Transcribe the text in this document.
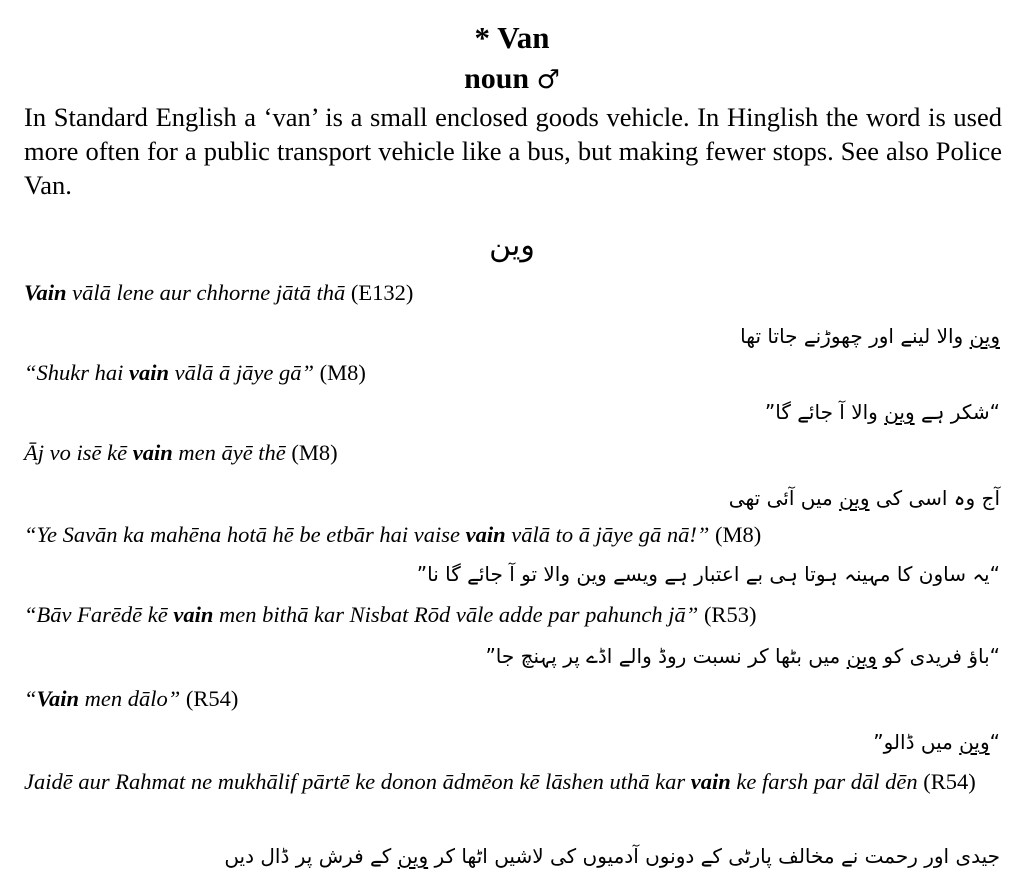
* Van
noun ♂
In Standard English a ‘van’ is a small enclosed goods vehicle. In Hinglish the word is used more often for a public transport vehicle like a bus, but making fewer stops. See also Police Van.
وین
Vain vālā lene aur chhorne jātā thā (E132)
وین والا لینے اور چھوڑنے جاتا تھا
“Shukr hai vain vālā ā jāye gā” (M8)
“شکر ہے وین والا آ جائے گا”
Āj vo isē kē vain men āyē thē (M8)
آج وہ اسی کی وین میں آئی تھی
“Ye Savān ka mahēna hotā hē be etbār hai vaise vain vālā to ā jāye gā nā!” (M8)
“یہ ساون کا مہینہ ہوتا ہی بے اعتبار ہے ویسے وین والا تو آ جائے گا نا”
“Bāv Farēdē kē vain men bithā kar Nisbat Rōd vāle adde par pahunch jā” (R53)
“باؤ فریدی کو وین میں بٹھا کر نسبت روڈ والے اڈے پر پہنچ جا”
“Vain men dālo” (R54)
“وین میں ڈالو”
Jaidē aur Rahmat ne mukhālif pārtē ke donon ādmēon kē lāshen uthā kar vain ke farsh par dāl dēn (R54)
جیدی اور رحمت نے مخالف پارٹی کے دونوں آدمیوں کی لاشیں اٹھا کر وین کے فرش پر ڈال دیں
